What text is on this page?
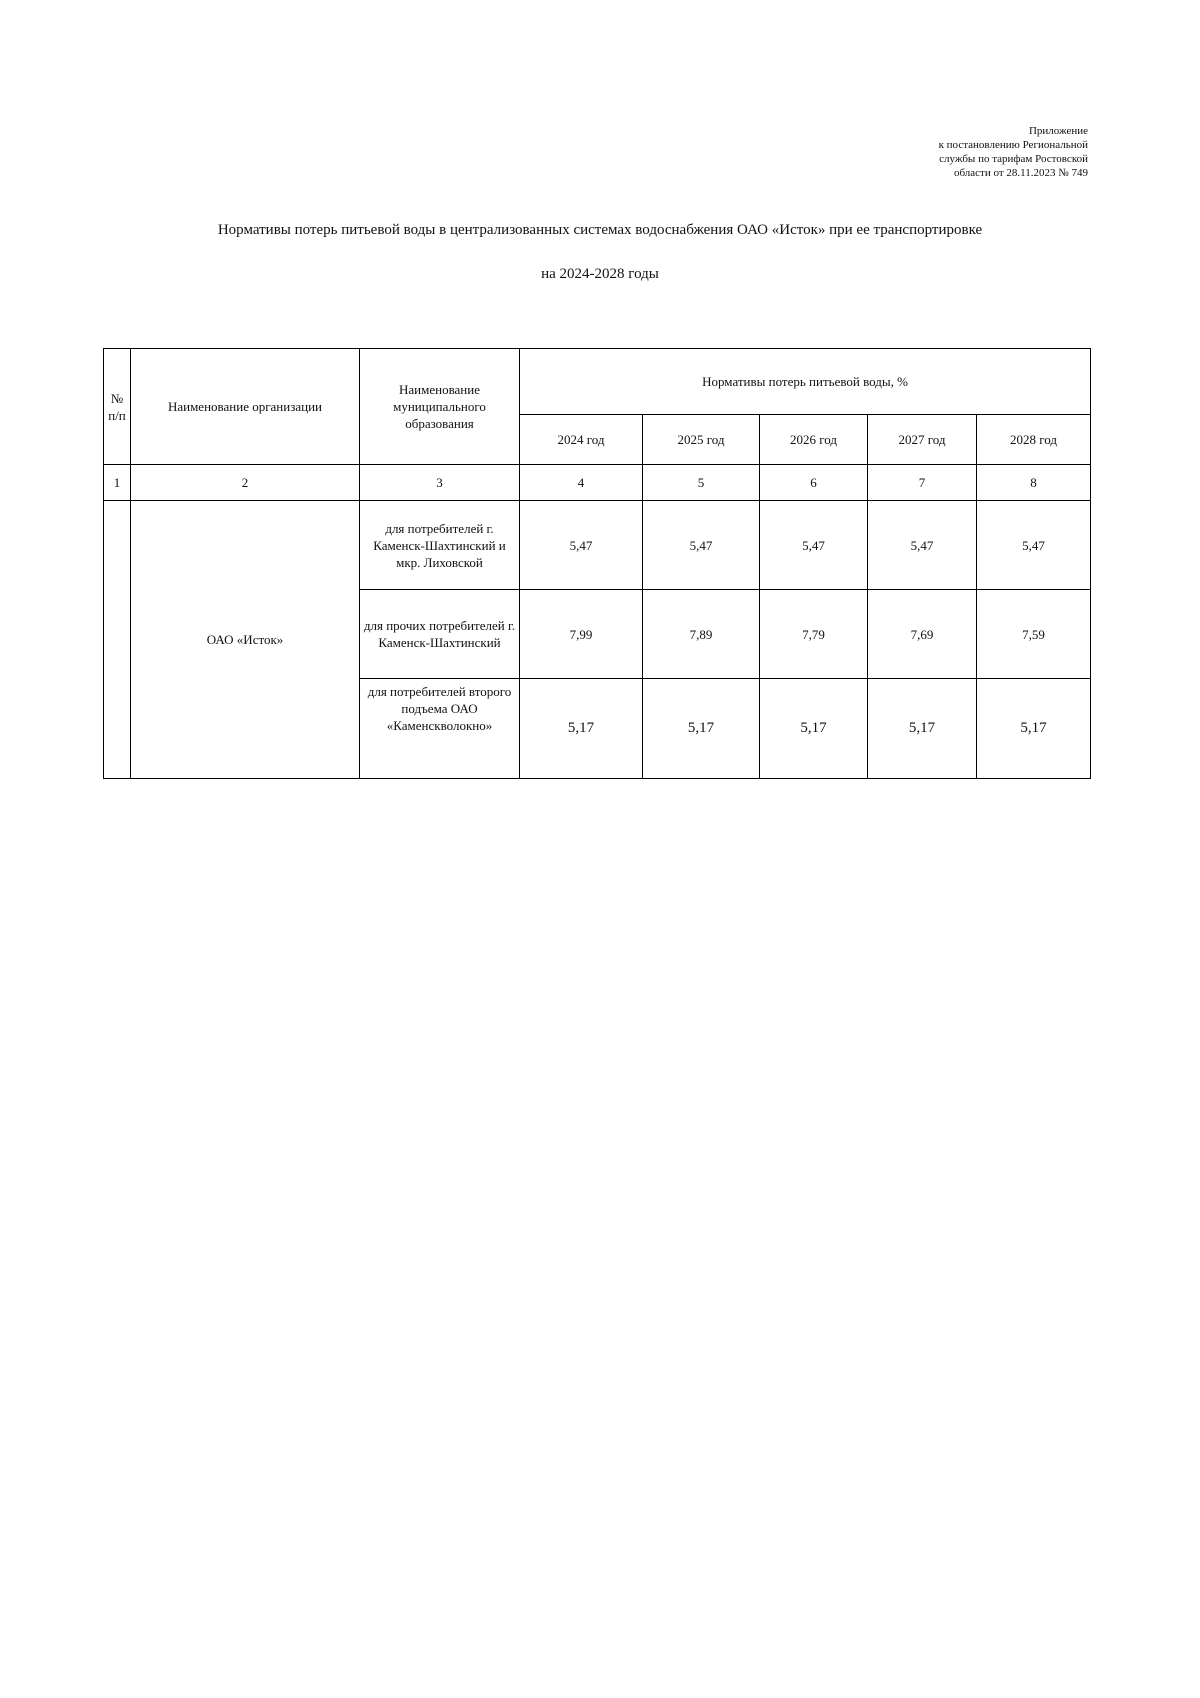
Приложение
к постановлению Региональной
службы по тарифам Ростовской
области от 28.11.2023 № 749
Нормативы потерь питьевой воды в централизованных системах водоснабжения ОАО «Исток» при ее транспортировке
на 2024-2028 годы
№ п/п	Наименование организации	Наименование муниципального образования	Нормативы потерь питьевой воды, %				
			2024 год	2025 год	2026 год	2027 год	2028 год
1	2	3	4	5	6	7	8
	ОАО «Исток»	для потребителей г. Каменск-Шахтинский и мкр. Лиховской	5,47	5,47	5,47	5,47	5,47
		для прочих потребителей г. Каменск-Шахтинский	7,99	7,89	7,79	7,69	7,59
		для потребителей второго подъема ОАО «Каменскволокно»	5,17	5,17	5,17	5,17	5,17
